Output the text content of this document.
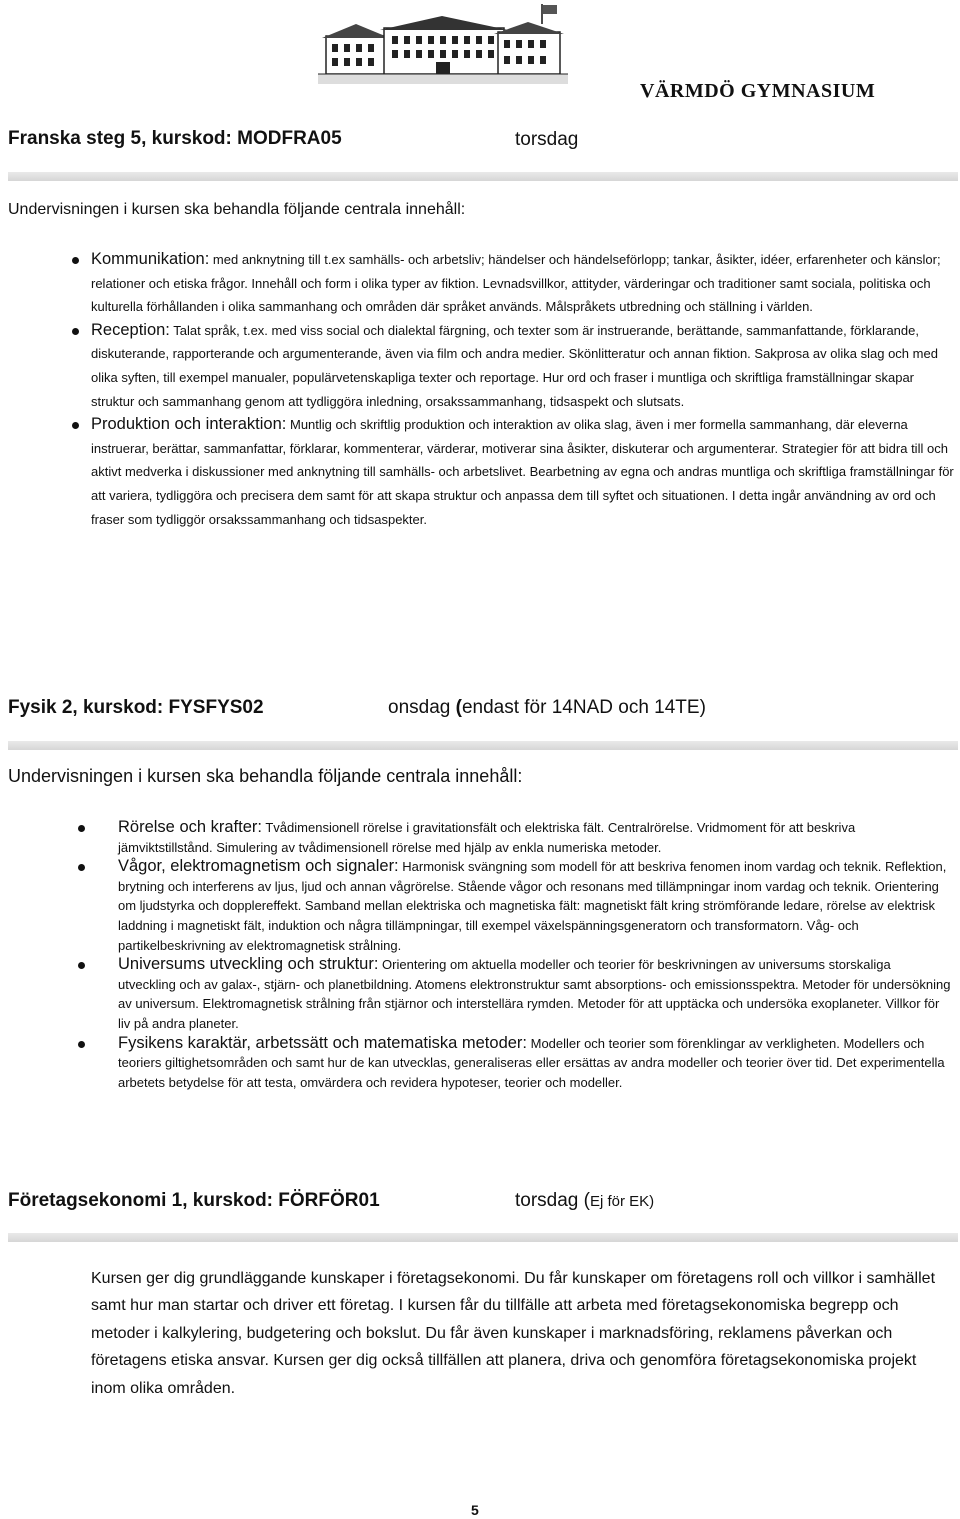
VÄRMDÖ GYMNASIUM
Franska steg 5, kurskod: MODFRA05	torsdag
Undervisningen i kursen ska behandla följande centrala innehåll:
Kommunikation: med anknytning till t.ex samhälls- och arbetsliv; händelser och händelseförlopp; tankar, åsikter, idéer, erfarenheter och känslor; relationer och etiska frågor. Innehåll och form i olika typer av fiktion. Levnadsvillkor, attityder, värderingar och traditioner samt sociala, politiska och kulturella förhållanden i olika sammanhang och områden där språket används. Målspråkets utbredning och ställning i världen.
Reception: Talat språk, t.ex. med viss social och dialektal färgning, och texter som är instruerande, berättande, sammanfattande, förklarande, diskuterande, rapporterande och argumenterande, även via film och andra medier. Skönlitteratur och annan fiktion. Sakprosa av olika slag och med olika syften, till exempel manualer, populärvetenskapliga texter och reportage. Hur ord och fraser i muntliga och skriftliga framställningar skapar struktur och sammanhang genom att tydliggöra inledning, orsakssammanhang, tidsaspekt och slutsats.
Produktion och interaktion: Muntlig och skriftlig produktion och interaktion av olika slag, även i mer formella sammanhang, där eleverna instruerar, berättar, sammanfattar, förklarar, kommenterar, värderar, motiverar sina åsikter, diskuterar och argumenterar. Strategier för att bidra till och aktivt medverka i diskussioner med anknytning till samhälls- och arbetslivet. Bearbetning av egna och andras muntliga och skriftliga framställningar för att variera, tydliggöra och precisera dem samt för att skapa struktur och anpassa dem till syftet och situationen. I detta ingår användning av ord och fraser som tydliggör orsakssammanhang och tidsaspekter.
Fysik 2, kurskod: FYSFYS02	onsdag (endast för 14NAD och 14TE)
Undervisningen i kursen ska behandla följande centrala innehåll:
Rörelse och krafter: Tvådimensionell rörelse i gravitationsfält och elektriska fält. Centralrörelse. Vridmoment för att beskriva jämviktstillstånd. Simulering av tvådimensionell rörelse med hjälp av enkla numeriska metoder.
Vågor, elektromagnetism och signaler: Harmonisk svängning som modell för att beskriva fenomen inom vardag och teknik. Reflektion, brytning och interferens av ljus, ljud och annan vågrörelse. Stående vågor och resonans med tillämpningar inom vardag och teknik. Orientering om ljudstyrka och dopplereffekt. Samband mellan elektriska och magnetiska fält: magnetiskt fält kring strömförande ledare, rörelse av elektrisk laddning i magnetiskt fält, induktion och några tillämpningar, till exempel växelspänningsgeneratorn och transformatorn. Våg- och partikelbeskrivning av elektromagnetisk strålning.
Universums utveckling och struktur: Orientering om aktuella modeller och teorier för beskrivningen av universums storskaliga utveckling och av galax-, stjärn- och planetbildning. Atomens elektronstruktur samt absorptions- och emissionsspektra. Metoder för undersökning av universum. Elektromagnetisk strålning från stjärnor och interstellära rymden. Metoder för att upptäcka och undersöka exoplaneter. Villkor för liv på andra planeter.
Fysikens karaktär, arbetssätt och matematiska metoder: Modeller och teorier som förenklingar av verkligheten. Modellers och teoriers giltighetsområden och samt hur de kan utvecklas, generaliseras eller ersättas av andra modeller och teorier över tid. Det experimentella arbetets betydelse för att testa, omvärdera och revidera hypoteser, teorier och modeller.
Företagsekonomi 1, kurskod: FÖRFÖR01	torsdag (Ej för EK)
Kursen ger dig grundläggande kunskaper i företagsekonomi. Du får kunskaper om företagens roll och villkor i samhället samt hur man startar och driver ett företag. I kursen får du tillfälle att arbeta med företagsekonomiska begrepp och metoder i kalkylering, budgetering och bokslut. Du får även kunskaper i marknadsföring, reklamens påverkan och företagens etiska ansvar. Kursen ger dig också tillfällen att planera, driva och genomföra företagsekonomiska projekt inom olika områden.
5
